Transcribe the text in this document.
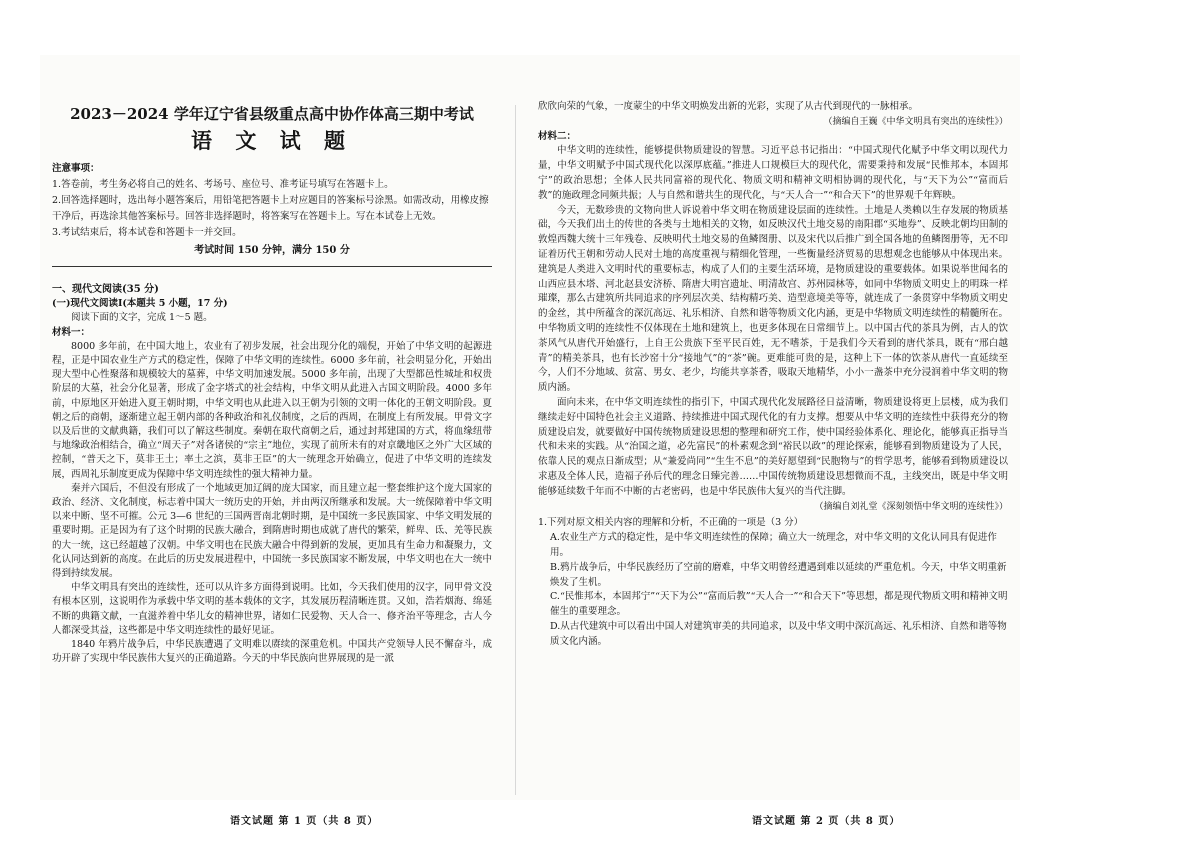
2023－2024 学年辽宁省县级重点高中协作体高三期中考试
语 文 试 题
注意事项：
1.答卷前，考生务必将自己的姓名、考场号、座位号、准考证号填写在答题卡上。
2.回答选择题时，选出每小题答案后，用铅笔把答题卡上对应题目的答案标号涂黑。如需改动，用橡皮擦干净后，再选涂其他答案标号。回答非选择题时，将答案写在答题卡上。写在本试卷上无效。
3.考试结束后，将本试卷和答题卡一并交回。
考试时间 150 分钟，满分 150 分
一、现代文阅读(35 分)
(一)现代文阅读Ⅰ(本题共 5 小题，17 分)

阅读下面的文字，完成 1～5 题。

材料一：

8000 多年前，在中国大地上，农业有了初步发展，社会出现分化的端倪，开始了中华文明的起源进程，正是中国农业生产方式的稳定性，保障了中华文明的连续性。6000 多年前，社会明显分化，开始出现大型中心性聚落和规模较大的墓葬，中华文明加速发展。5000 多年前，出现了大型都邑性城址和权贵阶层的大墓，社会分化显著，形成了金字塔式的社会结构，中华文明从此进入古国文明阶段。4000 多年前，中原地区开始进入夏王朝时期，中华文明也从此进入以王朝为引领的文明一体化的王朝文明阶段。夏朝之后的商朝，逐渐建立起王朝内部的各种政治和礼仪制度，之后的西周，在制度上有所发展。甲骨文字以及后世的文献典籍，我们可以了解这些制度。秦朝在取代商朝之后，通过封邦建国的方式，将血缘纽带与地缘政治相结合，确立“周天子”对各诸侯的“宗主”地位，实现了前所未有的对京畿地区之外广大区域的控制，“普天之下，莫非王土；率土之滨，莫非王臣”的大一统理念开始确立，促进了中华文明的连续发展，西周礼乐制度更成为保障中华文明连续性的强大精神力量。

秦并六国后，不但没有形成了一个地域更加辽阔的庞大国家，而且建立起一整套维护这个庞大国家的政治、经济、文化制度，标志着中国大一统历史的开始，并由两汉所继承和发展。大一统保障着中华文明以来中断、坚不可摧。公元 3—6 世纪的三国两晋南北朝时期，是中国统一多民族国家、中华文明发展的重要时期。正是因为有了这个时期的民族大融合，到隋唐时期也成就了唐代的繁荣，鲜卑、氐、羌等民族的大一统，这已经超越了汉朝。中华文明也在民族大融合中得到新的发展，更加具有生命力和凝聚力，文化认同达到新的高度。在此后的历史发展进程中，中国统一多民族国家不断发展，中华文明也在大一统中得到持续发展。

中华文明具有突出的连续性，还可以从许多方面得到说明。比如，今天我们使用的汉字，同甲骨文没有根本区别，这说明作为承载中华文明的基本载体的文字，其发展历程清晰连贯。又如，浩若烟海、绵延不断的典籍文献，一直滋养着中华儿女的精神世界，诸如仁民爱物、天人合一、修齐治平等理念，古人今人都深受其益，这些都是中华文明连续性的最好见证。

1840 年鸦片战争后，中华民族遭遇了文明难以赓续的深重危机。中国共产党领导人民不懈奋斗，成功开辟了实现中华民族伟大复兴的正确道路。今天的中华民族向世界展现的是一派

语文试题 第 1 页（共 8 页）

欣欣向荣的气象，一度蒙尘的中华文明焕发出新的光彩，实现了从古代到现代的一脉相承。

（摘编自王巍《中华文明具有突出的连续性》）
材料二：

中华文明的连续性，能够提供物质建设的智慧。习近平总书记指出：“中国式现代化赋予中华文明以现代力量，中华文明赋予中国式现代化以深厚底蕴。”推进人口规模巨大的现代化，需要秉持和发展“民惟邦本，本固邦宁”的政治思想；全体人民共同富裕的现代化、物质文明和精神文明相协调的现代化，与“天下为公”“富而后教”的施政理念同频共振；人与自然和谐共生的现代化，与“天人合一”“和合天下”的世界观千年辉映。

今天，无数珍贵的文物向世人诉说着中华文明在物质建设层面的连续性。土地是人类赖以生存发展的物质基础，今天我们出土的传世的各类与土地相关的文物，如反映汉代土地交易的南阳郡“买地券”、反映北朝均田制的敦煌西魏大统十三年残卷、反映明代土地交易的鱼鳞图册、以及宋代以后推广到全国各地的鱼鳞图册等，无不印证着历代王朝和劳动人民对土地的高度重视与精细化管理，一些衡量经济贸易的思想观念也能够从中体现出来。建筑是人类进入文明时代的重要标志，构成了人们的主要生活环境，是物质建设的重要载体。如果说举世闻名的山西应县木塔、河北赵县安济桥、隋唐大明宫遗址、明清故宫、苏州园林等，如同中华物质文明史上的明珠一样璀璨，那么古建筑所共同追求的序列层次美、结构精巧美、造型意境美等等，就连成了一条贯穿中华物质文明史的金丝，其中所蕴含的深沉高远、礼乐相济、自然和谐等物质文化内涵，更是中华物质文明连续性的精髓所在。中华物质文明的连续性不仅体现在土地和建筑上，也更多体现在日常细节上。以中国古代的茶具为例，古人的饮茶风气从唐代开始盛行，上自王公贵族下至平民百姓，无不嗜茶，于是我们今天看到的唐代茶具，既有“邢白越青”的精美茶具，也有长沙窑十分“接地气”的“茶”碗。更难能可贵的是，这种上下一体的饮茶从唐代一直延续至今，人们不分地域、贫富、男女、老少，均能共享茶香，吸取天地精华，小小一盏茶中充分浸润着中华文明的物质内涵。

面向未来，在中华文明连续性的指引下，中国式现代化发展路径日益清晰，物质建设将更上层楼，成为我们继续走好中国特色社会主义道路、持续推进中国式现代化的有力支撑。想要从中华文明的连续性中获得充分的物质建设启发，就要做好中国传统物质建设思想的整理和研究工作，使中国经验体系化、理论化，能够真正指导当代和未来的实践。从“治国之道，必先富民”的朴素观念到“裕民以政”的理论探索，能够看到物质建设为了人民，依靠人民的观点日渐成型；从“兼爱尚同”“生生不息”的美好愿望到“民胞物与”的哲学思考，能够看到物质建设以求惠及全体人民，造福子孙后代的理念日臻完善……中国传统物质建设思想微而不乱，主线突出，既是中华文明能够延续数千年而不中断的古老密码，也是中华民族伟大复兴的当代注脚。

（摘编自刘礼堂《深刻领悟中华文明的连续性》）
1.下列对原文相关内容的理解和分析，不正确的一项是（3 分）
A.农业生产方式的稳定性，是中华文明连续性的保障；确立大一统理念，对中华文明的文化认同具有促进作用。
B.鸦片战争后，中华民族经历了空前的磨难，中华文明曾经遭遇到难以延续的严重危机。今天，中华文明重新焕发了生机。
C.“民惟邦本，本固邦宁”“天下为公”“富而后教”“天人合一”“和合天下”等思想，都是现代物质文明和精神文明催生的重要理念。
D.从古代建筑中可以看出中国人对建筑审美的共同追求，以及中华文明中深沉高远、礼乐相济、自然和谐等物质文化内涵。
语文试题 第 2 页（共 8 页）
